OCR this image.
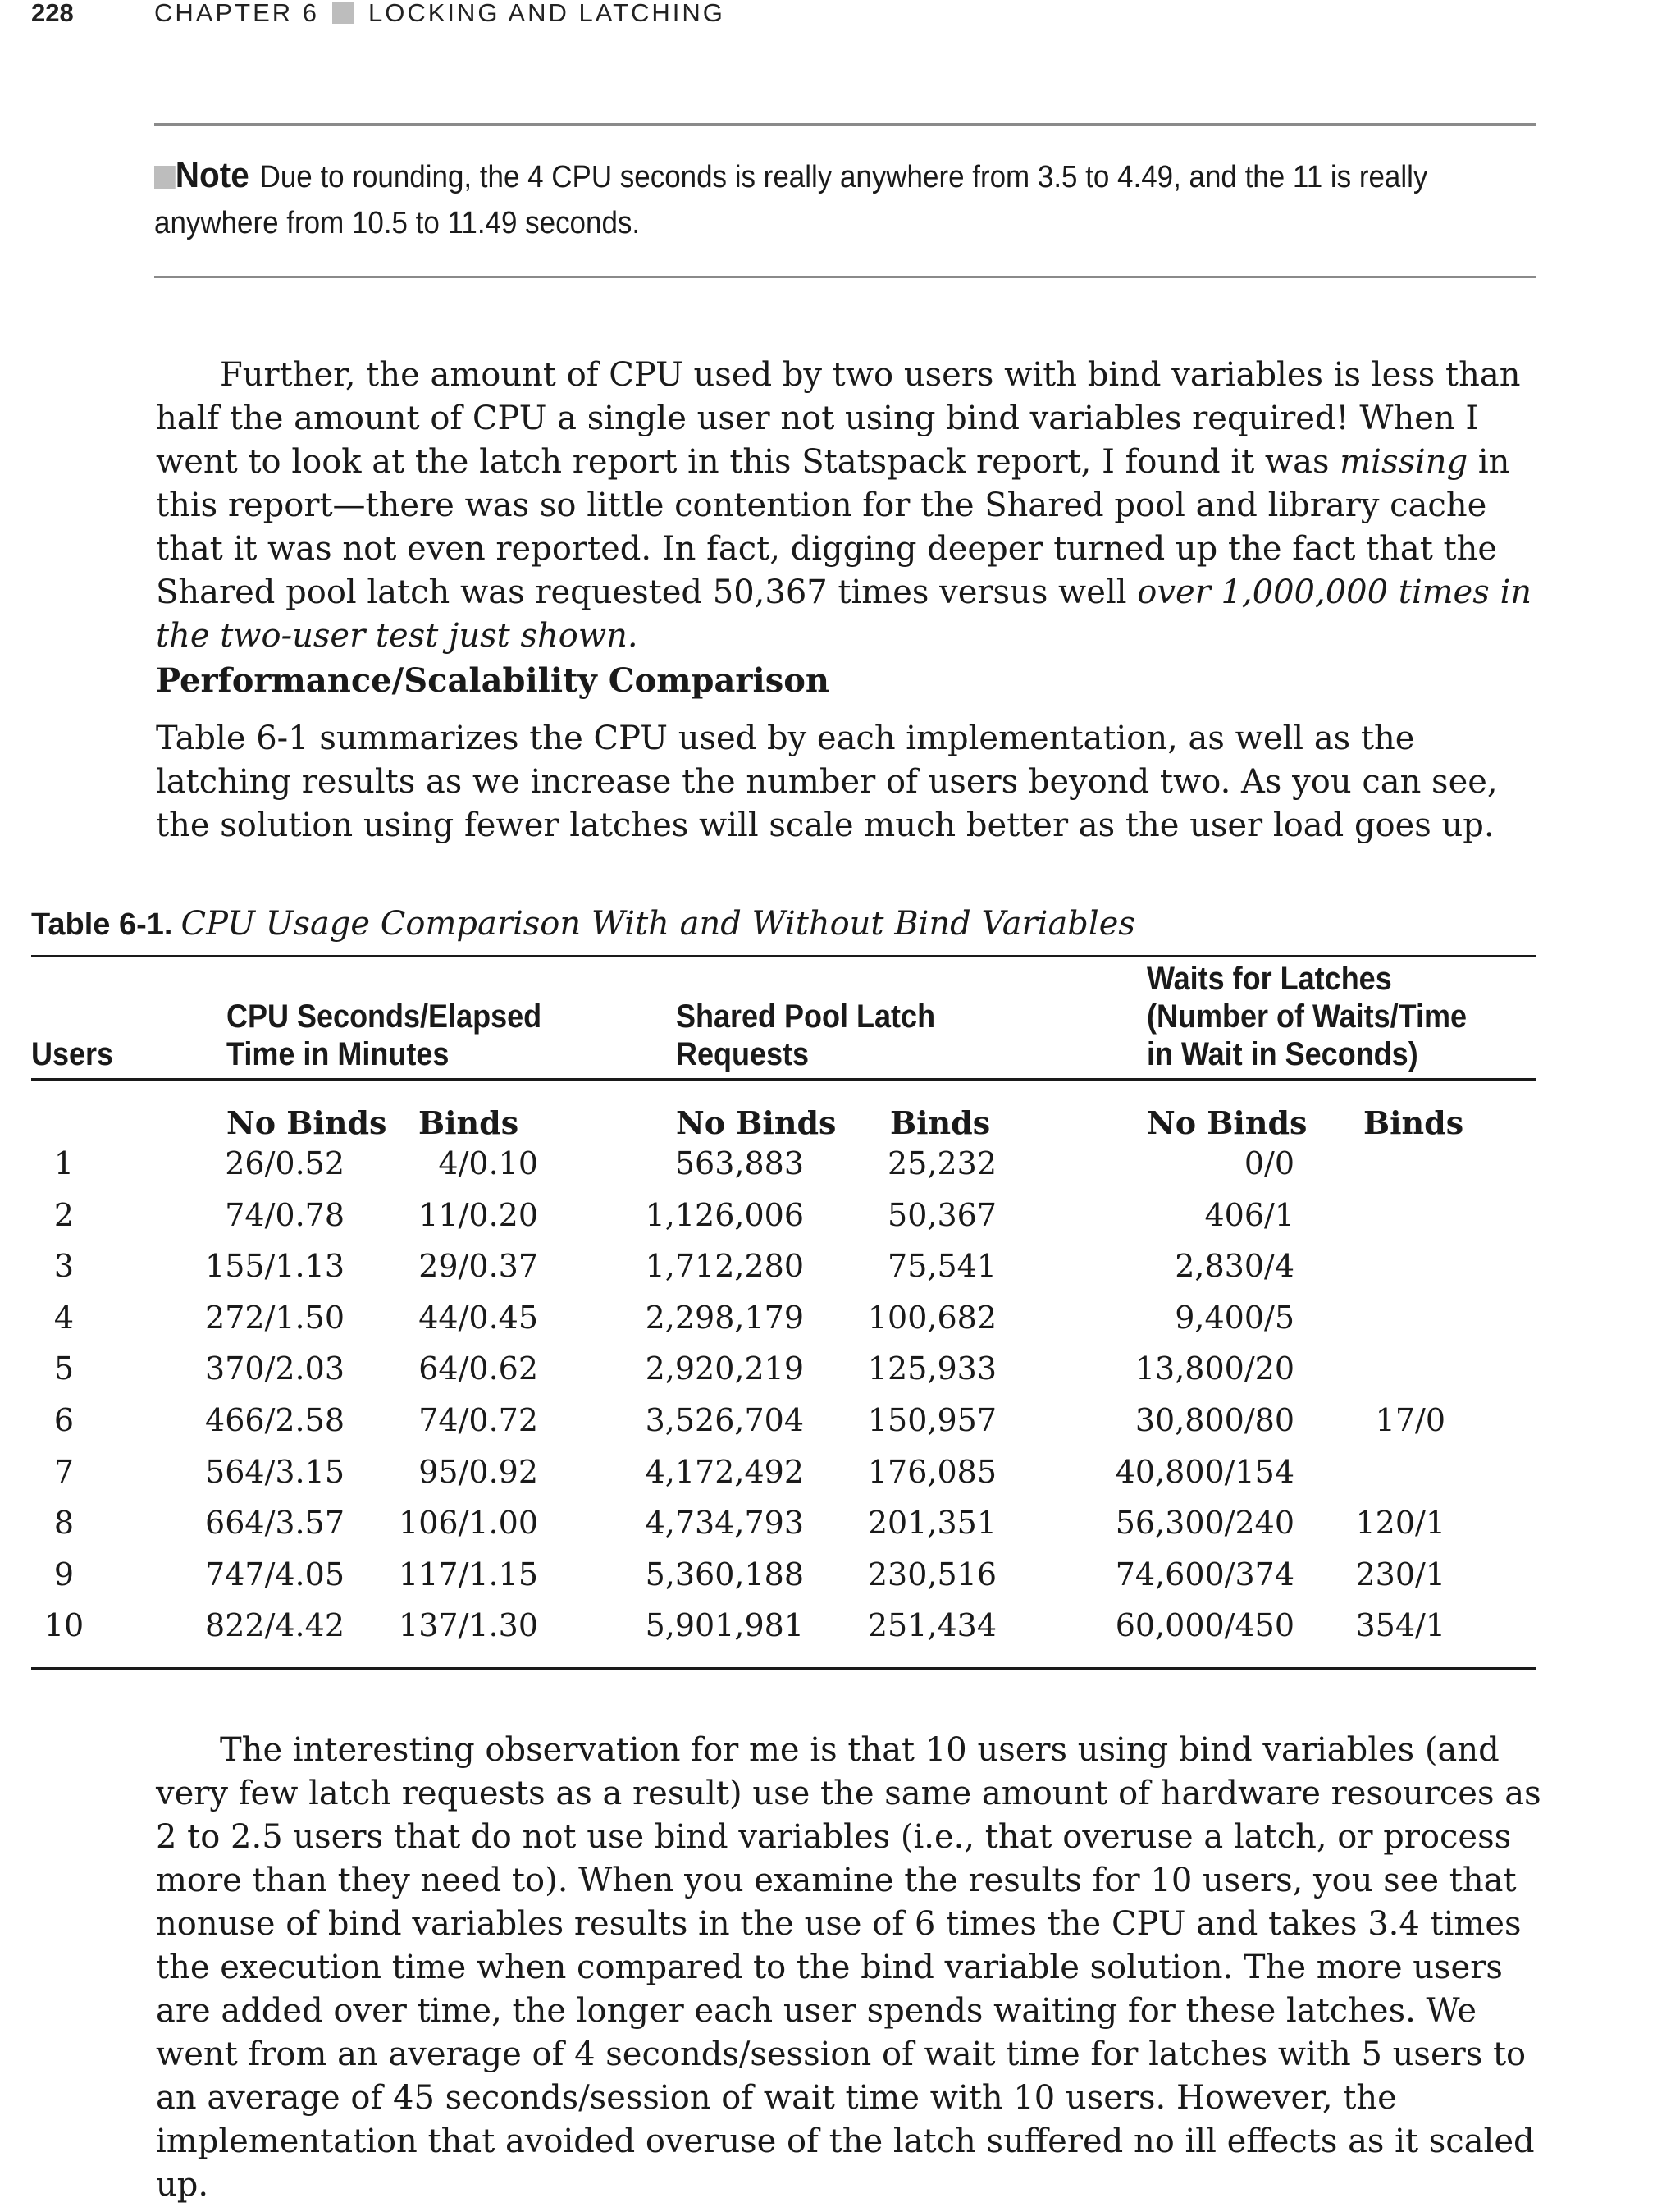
228	CHAPTER 6 LOCKING AND LATCHING
Note Due to rounding, the 4 CPU seconds is really anywhere from 3.5 to 4.49, and the 11 is really anywhere from 10.5 to 11.49 seconds.

Further, the amount of CPU used by two users with bind variables is less than half the amount of CPU a single user not using bind variables required! When I went to look at the latch report in this Statspack report, I found it was missing in this report—there was so little contention for the Shared pool and library cache that it was not even reported. In fact, digging deeper turned up the fact that the Shared pool latch was requested 50,367 times versus well over 1,000,000 times in the two-user test just shown.

Performance/Scalability Comparison

Table 6-1 summarizes the CPU used by each implementation, as well as the latching results as we increase the number of users beyond two. As you can see, the solution using fewer latches will scale much better as the user load goes up.

Table 6-1. CPU Usage Comparison With and Without Bind Variables
Users
CPU Seconds/Elapsed
Time in Minutes
Shared Pool Latch
Requests
Waits for Latches
(Number of Waits/Time
in Wait in Seconds)
No Binds Binds	No Binds Binds	No Binds Binds
1	26/0.52	4/0.10	563,883	25,232	0/0
2	74/0.78 11/0.20	1,126,006	50,367	406/1
3	155/1.13 29/0.37	1,712,280	75,541	2,830/4
4	272/1.50 44/0.45	2,298,179 100,682	9,400/5
5	370/2.03 64/0.62	2,920,219 125,933	13,800/20
6	466/2.58 74/0.72	3,526,704 150,957	30,800/80	17/0
7	564/3.15 95/0.92	4,172,492 176,085	40,800/154
8	664/3.57 106/1.00	4,734,793 201,351	56,300/240 120/1
9	747/4.05 117/1.15	5,360,188 230,516	74,600/374 230/1
10	822/4.42 137/1.30	5,901,981 251,434	60,000/450 354/1

The interesting observation for me is that 10 users using bind variables (and very few latch requests as a result) use the same amount of hardware resources as 2 to 2.5 users that do not use bind variables (i.e., that overuse a latch, or process more than they need to). When you examine the results for 10 users, you see that nonuse of bind variables results in the use of 6 times the CPU and takes 3.4 times the execution time when compared to the bind variable solution. The more users are added over time, the longer each user spends waiting for these latches. We went from an average of 4 seconds/session of wait time for latches with 5 users to an average of 45 seconds/session of wait time with 10 users. However, the implementation that avoided overuse of the latch suffered no ill effects as it scaled up.
